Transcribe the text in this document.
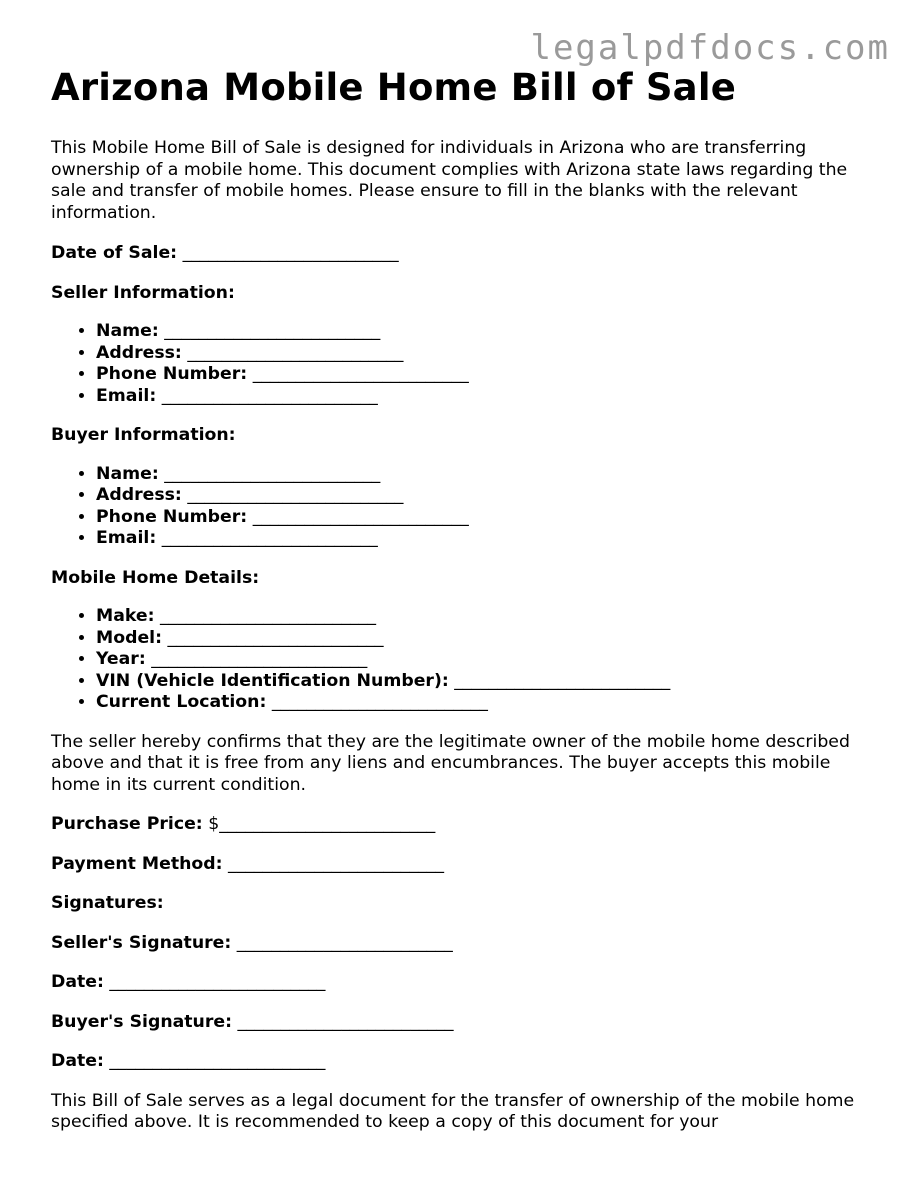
legalpdfdocs.com
Arizona Mobile Home Bill of Sale

This Mobile Home Bill of Sale is designed for individuals in Arizona who are transferring ownership of a mobile home. This document complies with Arizona state laws regarding the sale and transfer of mobile homes. Please ensure to fill in the blanks with the relevant information.

Date of Sale: _________________________
Seller Information:
• Name: _________________________
• Address: _________________________
• Phone Number: _________________________
• Email: _________________________
Buyer Information:
• Name: _________________________
• Address: _________________________
• Phone Number: _________________________
• Email: _________________________
Mobile Home Details:
• Make: _________________________
• Model: _________________________
• Year: _________________________
• VIN (Vehicle Identification Number): _________________________
• Current Location: _________________________

The seller hereby confirms that they are the legitimate owner of the mobile home described above and that it is free from any liens and encumbrances. The buyer accepts this mobile home in its current condition.

Purchase Price: $_________________________
Payment Method: _________________________
Signatures:
Seller's Signature: _________________________
Date: _________________________
Buyer's Signature: _________________________
Date: _________________________

This Bill of Sale serves as a legal document for the transfer of ownership of the mobile home specified above. It is recommended to keep a copy of this document for your
